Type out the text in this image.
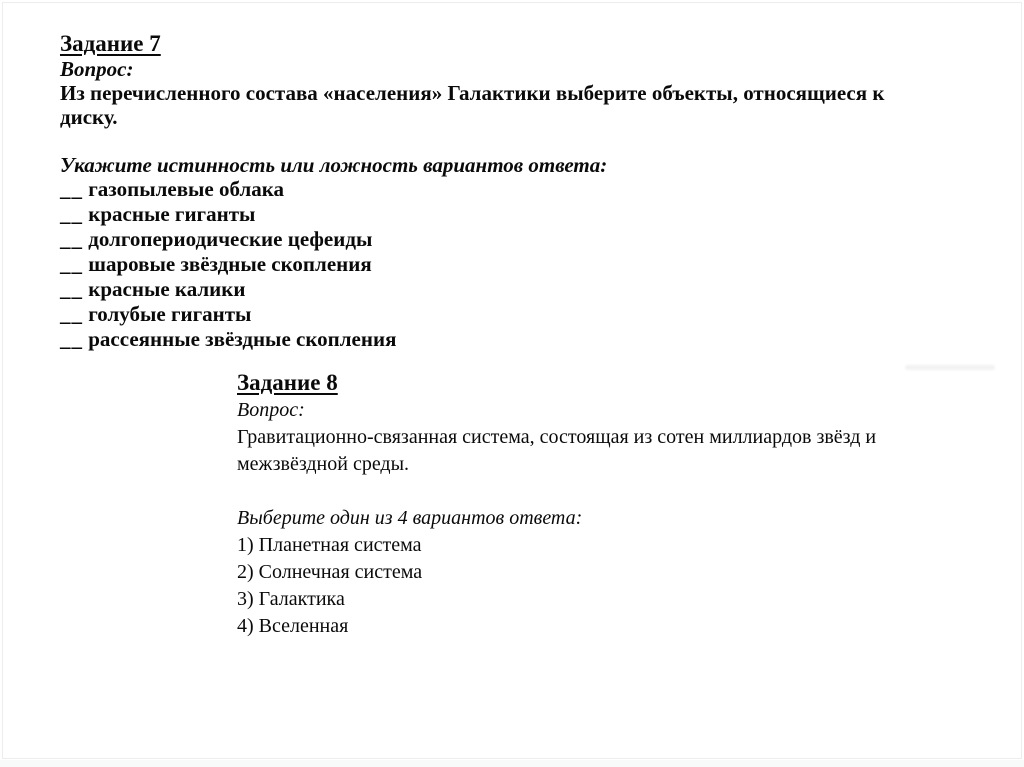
Задание 7
Вопрос:
Из перечисленного состава «населения» Галактики выберите объекты, относящиеся к
диску.
Укажите истинность или ложность вариантов ответа:
__ газопылевые облака
__ красные гиганты
__ долгопериодические цефеиды
__ шаровые звёздные скопления
__ красные калики
__ голубые гиганты
__ рассеянные звёздные скопления
Задание 8
Вопрос:
Гравитационно-связанная система, состоящая из сотен миллиардов звёзд и
межзвёздной среды.
Выберите один из 4 вариантов ответа:
1) Планетная система
2) Солнечная система
3) Галактика
4) Вселенная
